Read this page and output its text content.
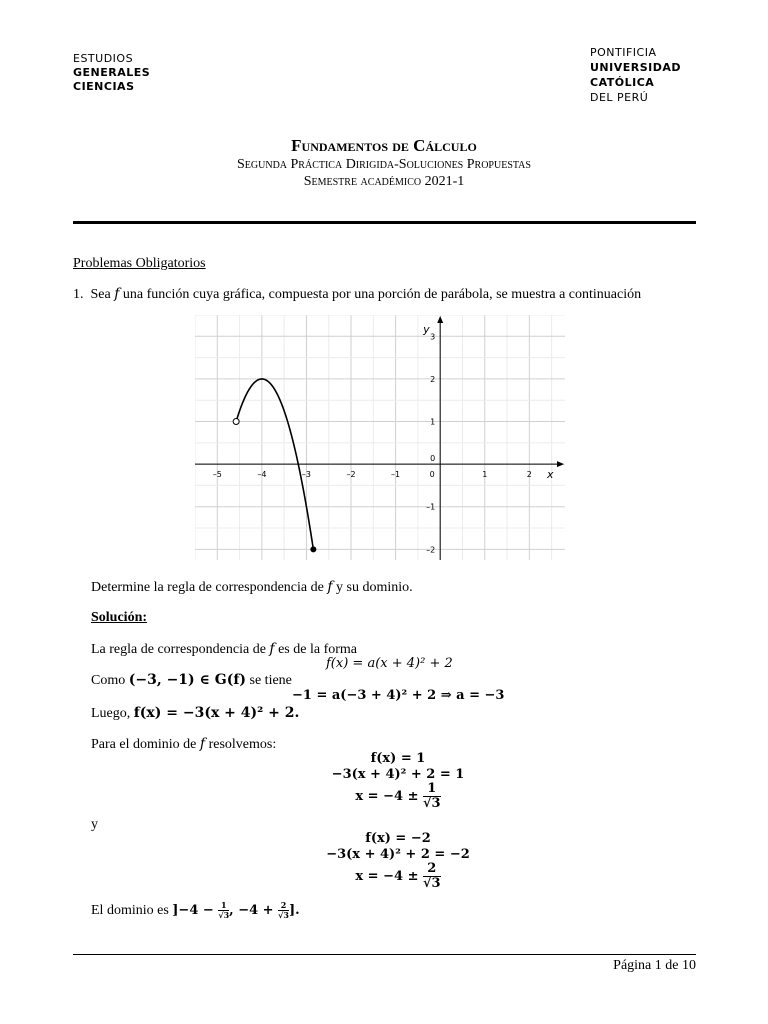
ESTUDIOS
GENERALES
CIENCIAS
PONTIFICIA
UNIVERSIDAD
CATÓLICA
DEL PERÚ
Fundamentos de Cálculo
Segunda Práctica Dirigida-Soluciones Propuestas
Semestre académico 2021-1
Problemas Obligatorios
1. Sea f una función cuya gráfica, compuesta por una porción de parábola, se muestra a continuación
–5	–4	–3	–2	–1	0	1	2
–2
–1
1
2
3
0
x
y
Determine la regla de correspondencia de f y su dominio.
Solución:
La regla de correspondencia de f es de la forma
f(x) = a(x + 4)² + 2
Como (−3, −1) ∈ G(f) se tiene
−1 = a(−3 + 4)² + 2 ⇒ a = −3
Luego, f(x) = −3(x + 4)² + 2.
Para el dominio de f resolvemos:
f(x) = 1
−3(x + 4)² + 2 = 1
$x = -4 \pm \frac{1}{√3}$
y
f(x) = −2
−3(x + 4)² + 2 = −2
$x = -4 \pm \frac{2}{√3}$
El dominio es ]$-4 - \frac{1}{√3}$ , $-4 + \frac{2}{√3}$ ].
Página 1 de 10
